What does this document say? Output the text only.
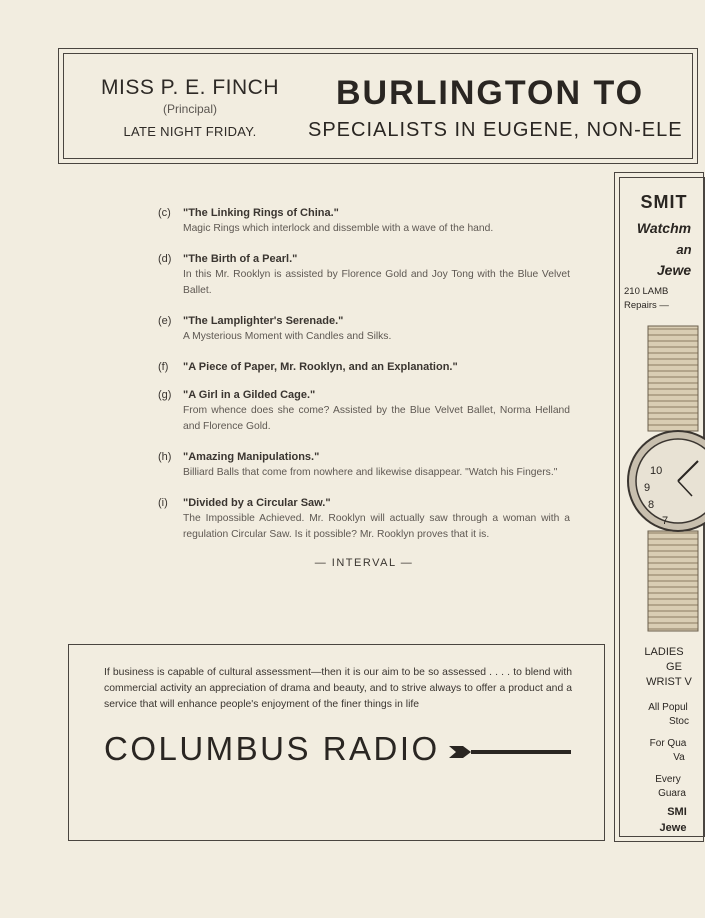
MISS P. E. FINCH
(Principal)
LATE NIGHT FRIDAY.
BURLINGTON TO
SPECIALISTS IN EUGENE, NON-ELE
(c) "The Linking Rings of China."
Magic Rings which interlock and dissemble with a wave of the hand.
(d) "The Birth of a Pearl."
In this Mr. Rooklyn is assisted by Florence Gold and Joy Tong with the Blue Velvet Ballet.
(e) "The Lamplighter's Serenade."
A Mysterious Moment with Candles and Silks.
(f) "A Piece of Paper, Mr. Rooklyn, and an Explanation."
(g) "A Girl in a Gilded Cage."
From whence does she come? Assisted by the Blue Velvet Ballet, Norma Helland and Florence Gold.
(h) "Amazing Manipulations."
Billiard Balls that come from nowhere and likewise disappear. "Watch his Fingers."
(i) "Divided by a Circular Saw."
The Impossible Achieved. Mr. Rooklyn will actually saw through a woman with a regulation Circular Saw. Is it possible? Mr. Rooklyn proves that it is.
— INTERVAL —
If business is capable of cultural assessment—then it is our aim to be so assessed . . . . to blend with commercial activity an appreciation of drama and beauty, and to strive always to offer a product and a service that will enhance people's enjoyment of the finer things in life
COLUMBUS RADIO
SMIT
Watchm
an
Jewe
210 LAMB
Repairs —
10
9
8
7
LADIES
GE
WRIST V
All Popul
Stoc
For Qua
Va
Every
Guara
SMI
Jewe
